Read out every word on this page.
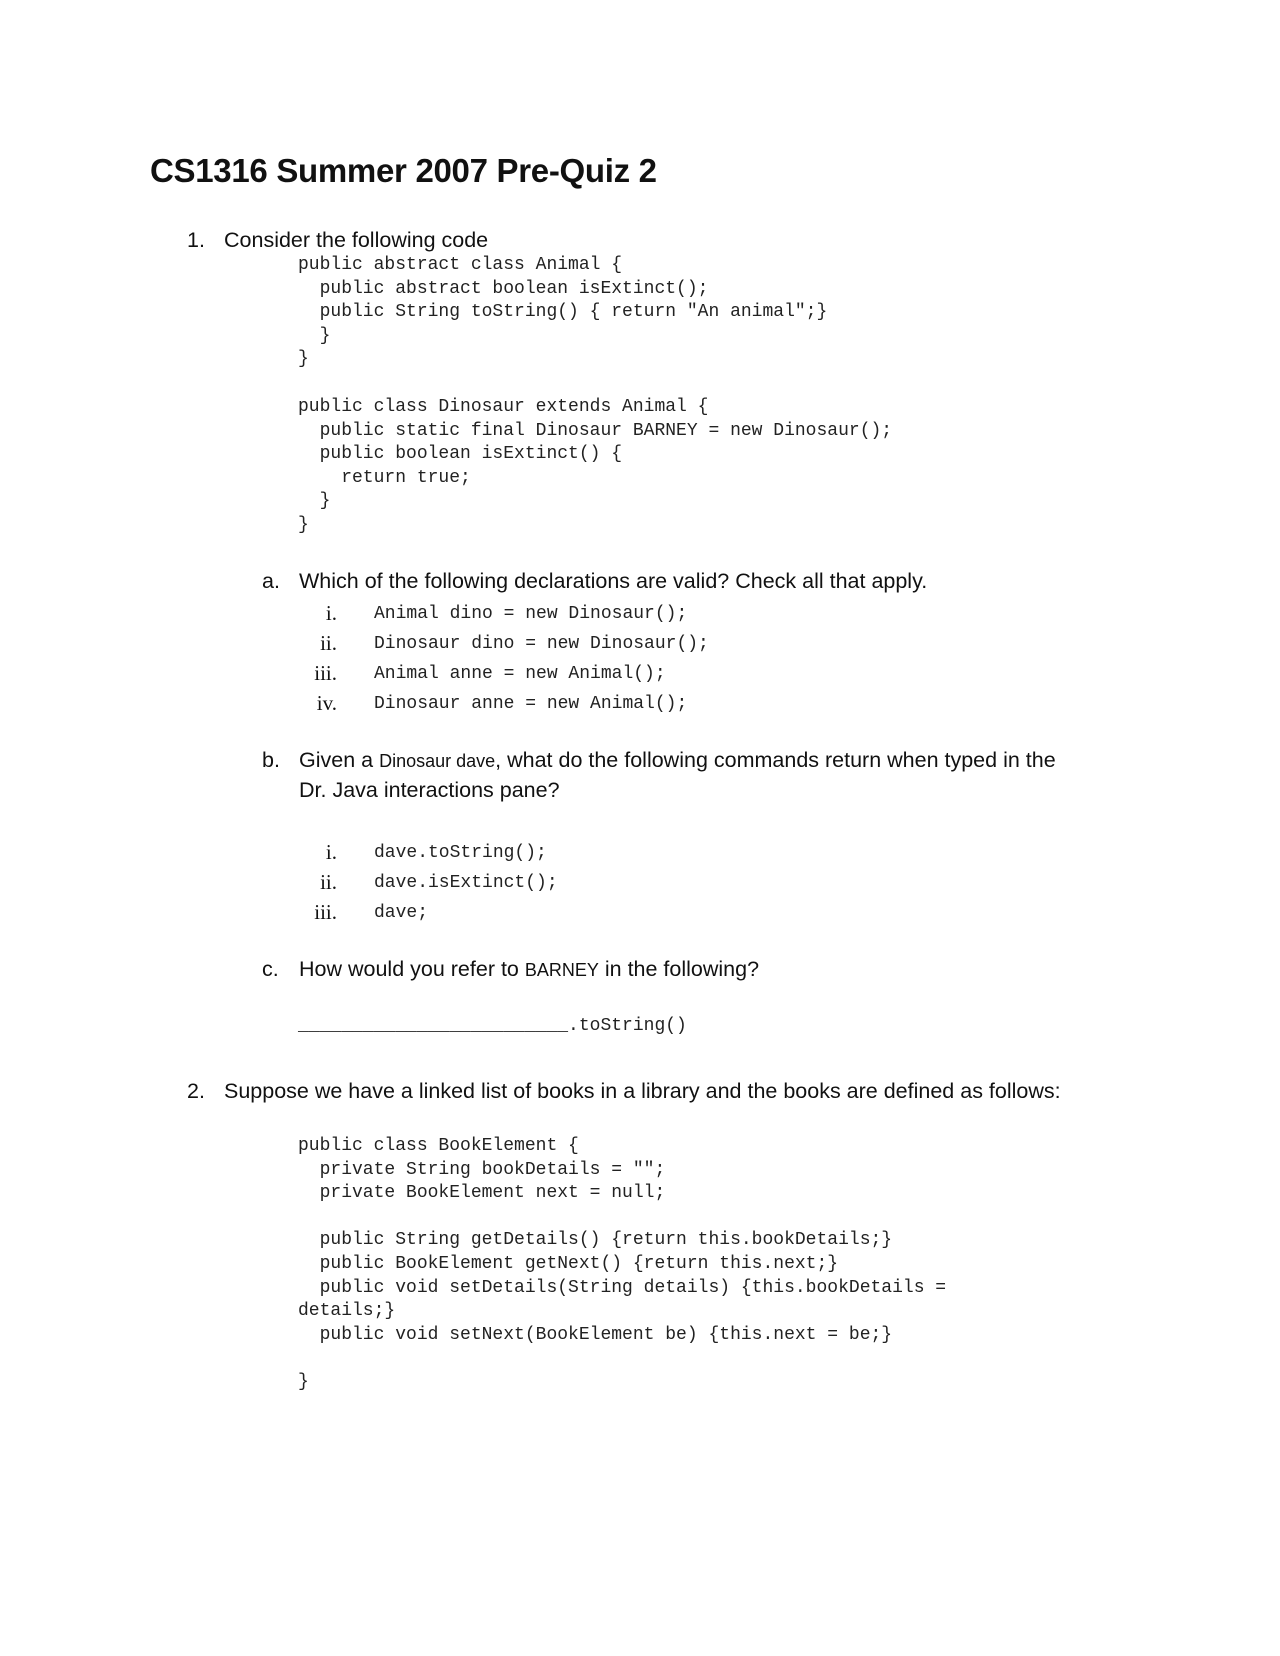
CS1316 Summer 2007 Pre-Quiz 2
1. Consider the following code
public abstract class Animal {
public abstract boolean isExtinct();
public String toString() { return "An animal";}
}
}
public class Dinosaur extends Animal {
public static final Dinosaur BARNEY = new Dinosaur();
public boolean isExtinct() {
return true;
}
}
a. Which of the following declarations are valid? Check all that apply.
i. Animal dino = new Dinosaur();
ii. Dinosaur dino = new Dinosaur();
iii. Animal anne = new Animal();
iv. Dinosaur anne = new Animal();
b. Given a Dinosaur dave, what do the following commands return when typed in the
Dr. Java interactions pane?
i. dave.toString();
ii. dave.isExtinct();
iii. dave;
c. How would you refer to BARNEY in the following?
_________________________.toString()
2. Suppose we have a linked list of books in a library and the books are defined as follows:
public class BookElement {
private String bookDetails = "";
private BookElement next = null;

public String getDetails() {return this.bookDetails;}
public BookElement getNext() {return this.next;}
public void setDetails(String details) {this.bookDetails =
details;}
public void setNext(BookElement be) {this.next = be;}

}
